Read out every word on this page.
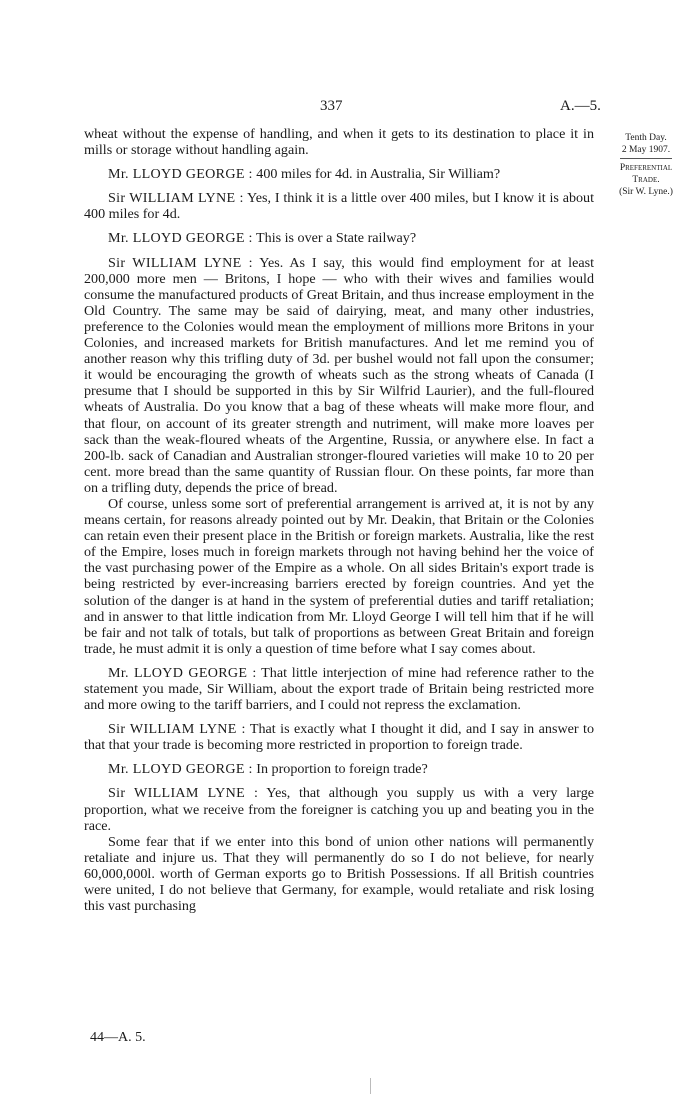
337	A.—5.
Tenth Day.
2 May 1907.
Preferential
Trade.
(Sir W. Lyne.)

wheat without the expense of handling, and when it gets to its destination to place it in mills or storage without handling again.

Mr. LLOYD GEORGE : 400 miles for 4d. in Australia, Sir William?

Sir WILLIAM LYNE : Yes, I think it is a little over 400 miles, but I know it is about 400 miles for 4d.

Mr. LLOYD GEORGE : This is over a State railway?

Sir WILLIAM LYNE : Yes. As I say, this would find employment for at least 200,000 more men — Britons, I hope — who with their wives and families would consume the manufactured products of Great Britain, and thus increase employment in the Old Country. The same may be said of dairying, meat, and many other industries, preference to the Colonies would mean the employment of millions more Britons in your Colonies, and increased markets for British manufactures. And let me remind you of another reason why this trifling duty of 3d. per bushel would not fall upon the consumer; it would be encouraging the growth of wheats such as the strong wheats of Canada (I presume that I should be supported in this by Sir Wilfrid Laurier), and the full-floured wheats of Australia. Do you know that a bag of these wheats will make more flour, and that flour, on account of its greater strength and nutriment, will make more loaves per sack than the weak-floured wheats of the Argentine, Russia, or anywhere else. In fact a 200-lb. sack of Canadian and Australian stronger-floured varieties will make 10 to 20 per cent. more bread than the same quantity of Russian flour. On these points, far more than on a trifling duty, depends the price of bread.

Of course, unless some sort of preferential arrangement is arrived at, it is not by any means certain, for reasons already pointed out by Mr. Deakin, that Britain or the Colonies can retain even their present place in the British or foreign markets. Australia, like the rest of the Empire, loses much in foreign markets through not having behind her the voice of the vast purchasing power of the Empire as a whole. On all sides Britain's export trade is being restricted by ever-increasing barriers erected by foreign countries. And yet the solution of the danger is at hand in the system of preferential duties and tariff retaliation; and in answer to that little indication from Mr. Lloyd George I will tell him that if he will be fair and not talk of totals, but talk of proportions as between Great Britain and foreign trade, he must admit it is only a question of time before what I say comes about.

Mr. LLOYD GEORGE : That little interjection of mine had reference rather to the statement you made, Sir William, about the export trade of Britain being restricted more and more owing to the tariff barriers, and I could not repress the exclamation.

Sir WILLIAM LYNE : That is exactly what I thought it did, and I say in answer to that that your trade is becoming more restricted in proportion to foreign trade.

Mr. LLOYD GEORGE : In proportion to foreign trade?

Sir WILLIAM LYNE : Yes, that although you supply us with a very large proportion, what we receive from the foreigner is catching you up and beating you in the race.

Some fear that if we enter into this bond of union other nations will permanently retaliate and injure us. That they will permanently do so I do not believe, for nearly 60,000,000l. worth of German exports go to British Possessions. If all British countries were united, I do not believe that Germany, for example, would retaliate and risk losing this vast purchasing

44—A. 5.
